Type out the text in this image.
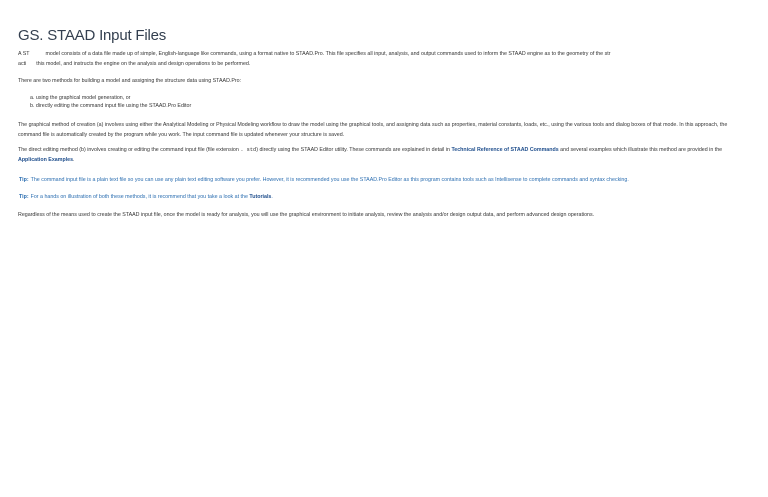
GS. STAAD Input Files
A ST	model consists of a data file made up of simple, English-language like commands, using a format native to STAAD.Pro. This file specifies all input, analysis, and output commands used to inform the STAAD engine as to the geometry of the str
acti this model, and instructs the engine on the analysis and design operations to be performed.
There are two methods for building a model and assigning the structure data using STAAD.Pro:
a. using the graphical model generation, or
b. directly editing the command input file using the STAAD.Pro Editor
The graphical method of creation (a) involves using either the Analytical Modeling or Physical Modeling workflow to draw the model using the graphical tools, and assigning data such as properties, material constants, loads, etc., using the various tools and dialog boxes of that mode. In this approach, the command file is automatically created by the program while you work. The input command file is updated whenever your structure is saved.
The direct editing method (b) involves creating or editing the command input file (file extension . std) directly using the STAAD Editor utility. These commands are explained in detail in Technical Reference of STAAD Commands and several examples which illustrate this method are provided in the Application Examples.
Tip: The command input file is a plain text file so you can use any plain text editing software you prefer. However, it is recommended you use the STAAD.Pro Editor as this program contains tools such as Intellisense to complete commands and syntax checking.
Tip: For a hands on illustration of both these methods, it is recommend that you take a look at the Tutorials.
Regardless of the means used to create the STAAD input file, once the model is ready for analysis, you will use the graphical environment to initiate analysis, review the analysis and/or design output data, and perform advanced design operations.
